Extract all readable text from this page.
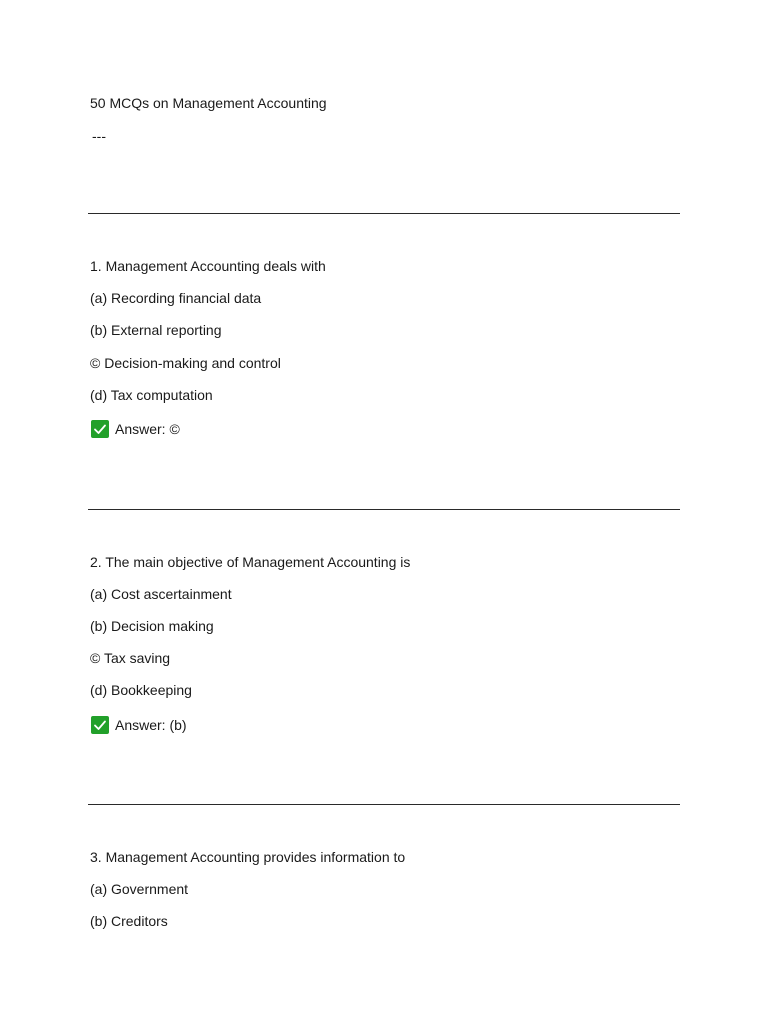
50 MCQs on Management Accounting
---
1. Management Accounting deals with
(a) Recording financial data
(b) External reporting
© Decision-making and control
(d) Tax computation
Answer: ©
2. The main objective of Management Accounting is
(a) Cost ascertainment
(b) Decision making
© Tax saving
(d) Bookkeeping
Answer: (b)
3. Management Accounting provides information to
(a) Government
(b) Creditors
